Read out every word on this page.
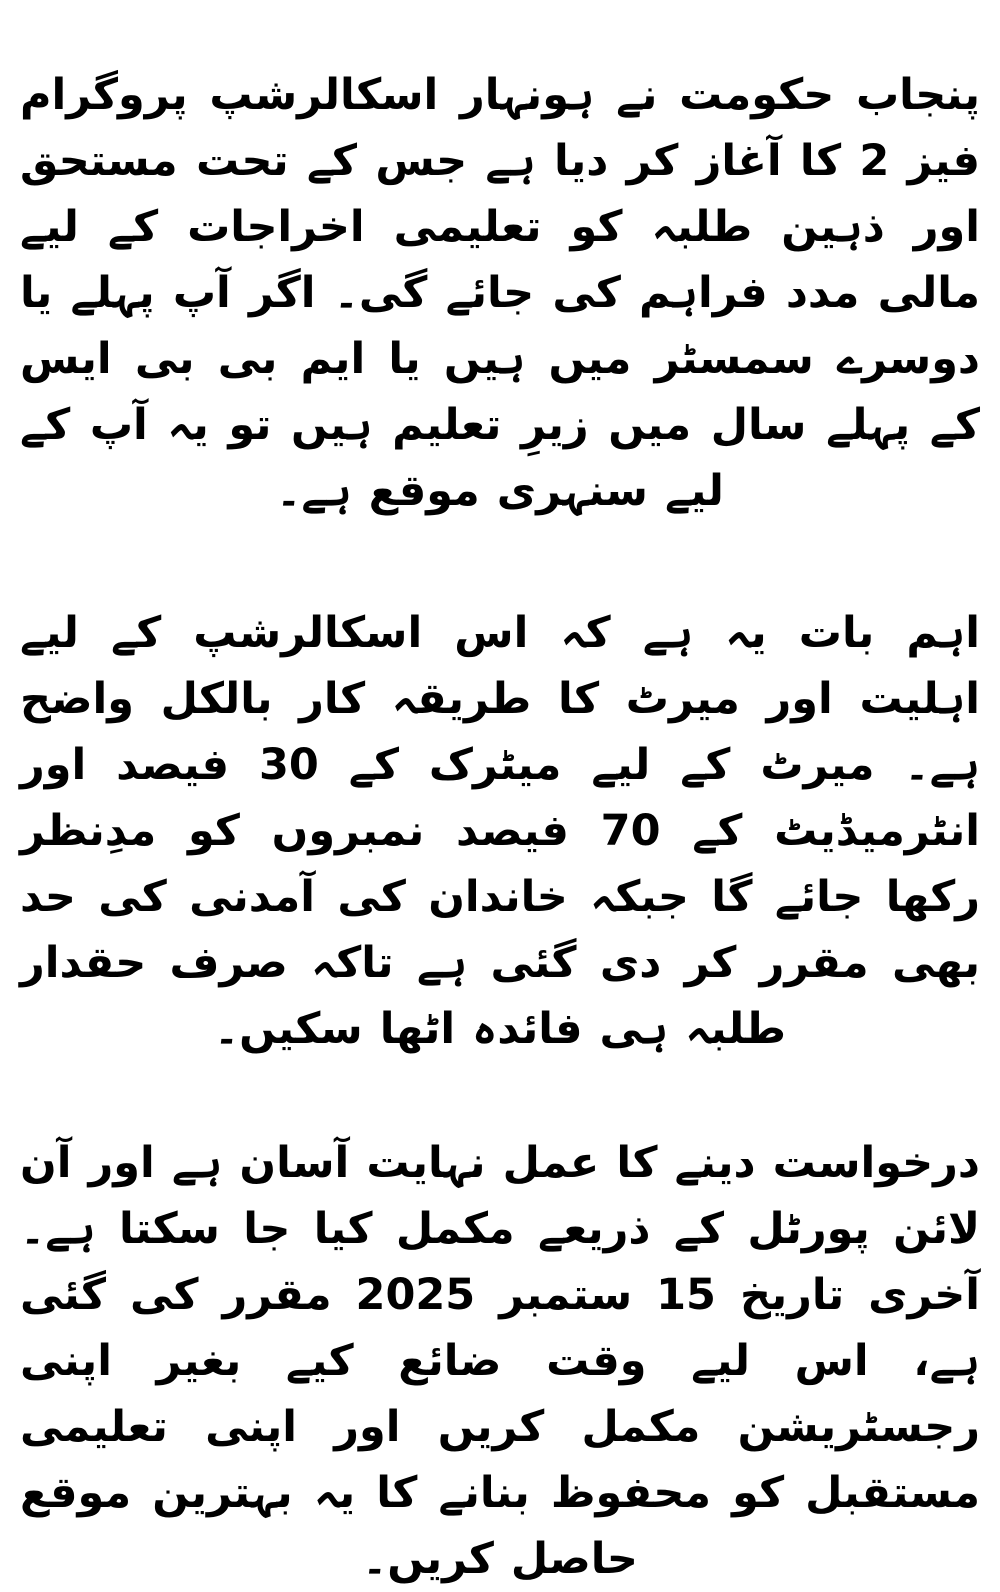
پنجاب حکومت نے ہونہار اسکالرشپ پروگرام فیز 2 کا آغاز کر دیا ہے جس کے تحت مستحق اور ذہین طلبہ کو تعلیمی اخراجات کے لیے مالی مدد فراہم کی جائے گی۔ اگر آپ پہلے یا دوسرے سمسٹر میں ہیں یا ایم بی بی ایس کے پہلے سال میں زیرِ تعلیم ہیں تو یہ آپ کے لیے سنہری موقع ہے۔

اہم بات یہ ہے کہ اس اسکالرشپ کے لیے اہلیت اور میرٹ کا طریقہ کار بالکل واضح ہے۔ میرٹ کے لیے میٹرک کے 30 فیصد اور انٹرمیڈیٹ کے 70 فیصد نمبروں کو مدِنظر رکھا جائے گا جبکہ خاندان کی آمدنی کی حد بھی مقرر کر دی گئی ہے تاکہ صرف حقدار طلبہ ہی فائدہ اٹھا سکیں۔

درخواست دینے کا عمل نہایت آسان ہے اور آن لائن پورٹل کے ذریعے مکمل کیا جا سکتا ہے۔ آخری تاریخ 15 ستمبر 2025 مقرر کی گئی ہے، اس لیے وقت ضائع کیے بغیر اپنی رجسٹریشن مکمل کریں اور اپنی تعلیمی مستقبل کو محفوظ بنانے کا یہ بہترین موقع حاصل کریں۔
